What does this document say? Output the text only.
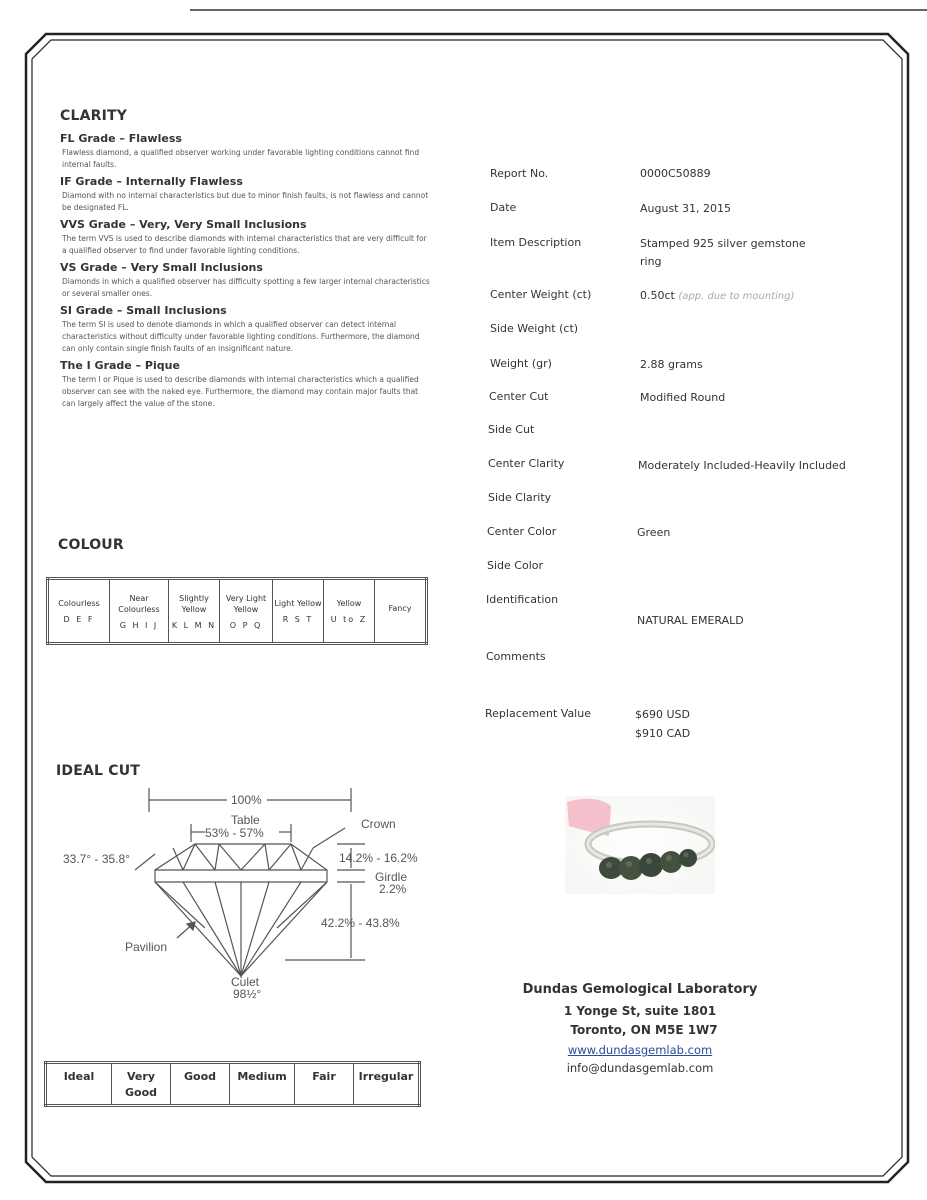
CLARITY
FL Grade – Flawless
Flawless diamond, a qualified observer working under favorable lighting conditions cannot find internal faults.
IF Grade – Internally Flawless
Diamond with no internal characteristics but due to minor finish faults, is not flawless and cannot be designated FL.
VVS Grade – Very, Very Small Inclusions
The term VVS is used to describe diamonds with internal characteristics that are very difficult for a qualified observer to find under favorable lighting conditions.
VS Grade – Very Small Inclusions
Diamonds in which a qualified observer has difficulty spotting a few larger internal characteristics or several smaller ones.
SI Grade – Small Inclusions
The term SI is used to denote diamonds in which a qualified observer can detect internal characteristics without difficulty under favorable lighting conditions. Furthermore, the diamond can only contain single finish faults of an insignificant nature.
The I Grade – Pique
The term I or Pique is used to describe diamonds with internal characteristics which a qualified observer can see with the naked eye. Furthermore, the diamond may contain major faults that can largely affect the value of the stone.
COLOUR
Colourless
D E F

Near Colourless
G H I J

Slightly Yellow
K L M N

Very Light Yellow
O P Q

Light Yellow
R S T

Yellow
U to Z

Fancy
IDEAL CUT
100%
Table
53% - 57%
Crown
33.7° - 35.8°	14.2% - 16.2%
Girdle
2.2%
42.2% - 43.8%
Pavilion
Culet
98½°
Ideal	Very Good	Good	Medium	Fair	Irregular
Report No.	0000C50889
Date	August 31, 2015
Item Description	Stamped 925 silver gemstone ring
Center Weight (ct)	0.50ct (app. due to mounting)
Side Weight (ct)
Weight (gr)	2.88 grams
Center Cut	Modified Round
Side Cut
Center Clarity	Moderately Included-Heavily Included
Side Clarity
Center Color	Green
Side Color
Identification
NATURAL EMERALD
Comments
Replacement Value	$690 USD
$910 CAD
Dundas Gemological Laboratory
1 Yonge St, suite 1801
Toronto, ON M5E 1W7
www.dundasgemlab.com
info@dundasgemlab.com
